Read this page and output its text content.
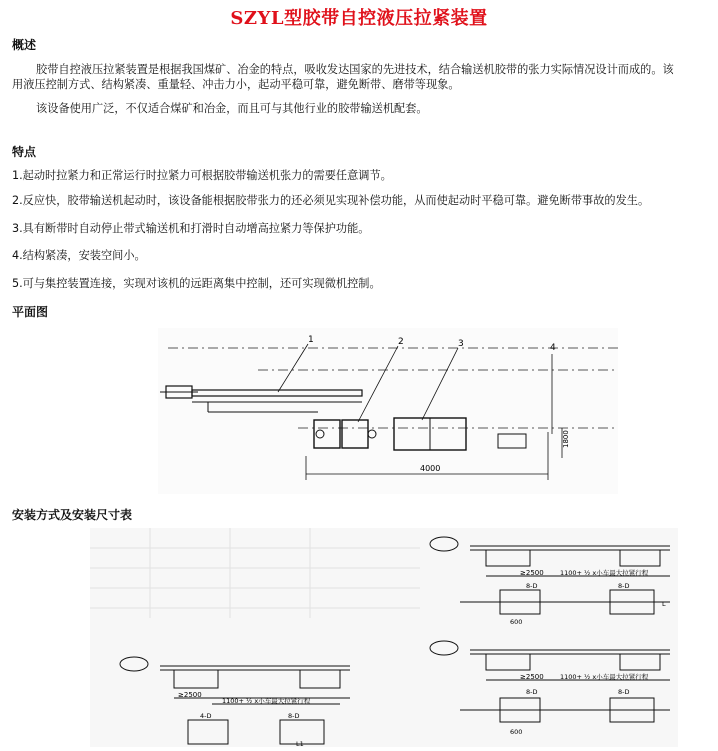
SZYL型胶带自控液压拉紧装置
概述
胶带自控液压拉紧装置是根据我国煤矿、冶金的特点，吸收发达国家的先进技术，结合输送机胶带的张力实际情况设计而成的。该
用液压控制方式、结构紧凑、重量轻、冲击力小，起动平稳可靠，避免断带、磨带等现象。
该设备使用广泛，不仅适合煤矿和冶金，而且可与其他行业的胶带输送机配套。
特点
1.起动时拉紧力和正常运行时拉紧力可根据胶带输送机张力的需要任意调节。
2.反应快，胶带输送机起动时，该设备能根据胶带张力的还必须见实现补偿功能，从而使起动时平稳可靠。避免断带事故的发生。
3.具有断带时自动停止带式输送机和打滑时自动增高拉紧力等保护功能。
4.结构紧凑，安装空间小。
5.可与集控装置连接，实现对该机的远距离集中控制，还可实现微机控制。
平面图
1	2	3	4
4000
1800
安装方式及安装尺寸表
≥2500
1100+ ½ x小车最大拉紧行程
4-D	8-D
L1
≥2500	1100+ ½ x小车最大拉紧行程
8-D	8-D
600
L
≥2500	1100+ ½ x小车最大拉紧行程
8-D	8-D
600
